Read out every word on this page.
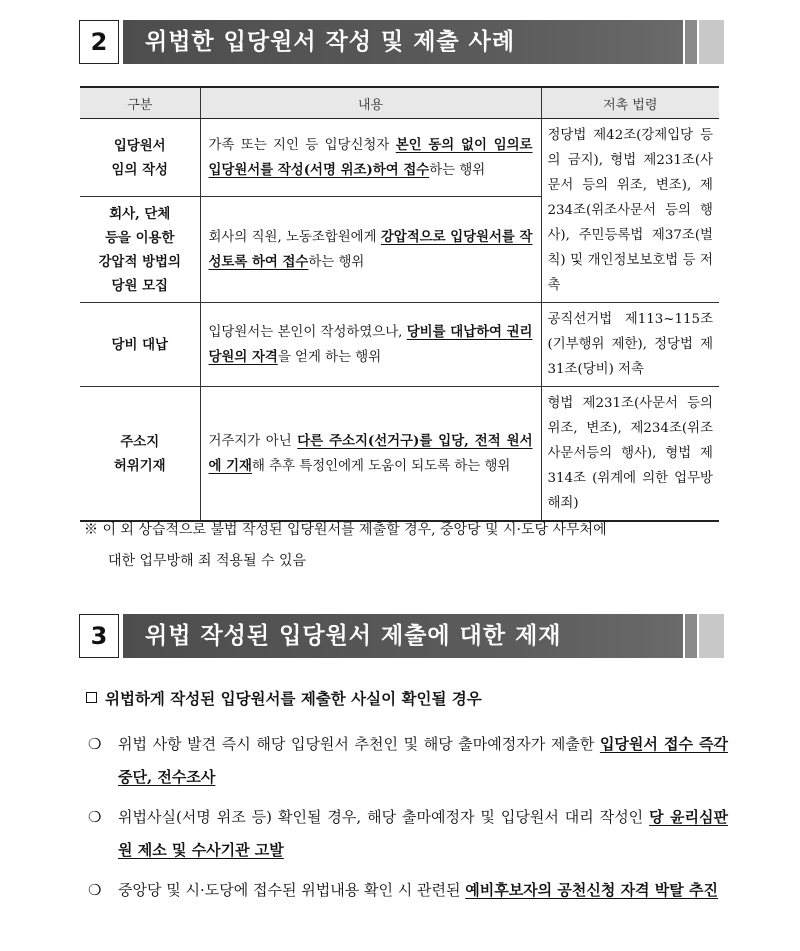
2	위법한 입당원서 작성 및 제출 사례
구분	내용	저촉 법령
입당원서
임의 작성	가족 또는 지인 등 입당신청자 본인 동의 없이 임의로 입당원서를 작성(서명 위조)하여 접수하는 행위	정당법 제42조(강제입당 등의 금지), 형법 제231조(사문서 등의 위조, 변조), 제234조(위조사문서 등의 행사), 주민등록법 제37조(벌칙) 및 개인정보보호법 등 저촉
회사, 단체
등을 이용한
강압적 방법의
당원 모집	회사의 직원, 노동조합원에게 강압적으로 입당원서를 작성토록 하여 접수하는 행위	
당비 대납	입당원서는 본인이 작성하였으나, 당비를 대납하여 권리당원의 자격을 얻게 하는 행위	공직선거법 제113~115조(기부행위 제한), 정당법 제31조(당비) 저촉
주소지
허위기재	거주지가 아닌 다른 주소지(선거구)를 입당, 전적 원서에 기재해 추후 특정인에게 도움이 되도록 하는 행위	형법 제231조(사문서 등의 위조, 변조), 제234조(위조사문서등의 행사), 형법 제314조 (위계에 의한 업무방해죄)
※ 이 외 상습적으로 불법 작성된 입당원서를 제출할 경우, 중앙당 및 시·도당 사무처에
대한 업무방해 죄 적용될 수 있음
3	위법 작성된 입당원서 제출에 대한 제재
위법하게 작성된 입당원서를 제출한 사실이 확인될 경우
❍	위법 사항 발견 즉시 해당 입당원서 추천인 및 해당 출마예정자가 제출한 입당원서 접수 즉각 중단, 전수조사
❍	위법사실(서명 위조 등) 확인될 경우, 해당 출마예정자 및 입당원서 대리 작성인 당 윤리심판원 제소 및 수사기관 고발
❍	중앙당 및 시·도당에 접수된 위법내용 확인 시 관련된 예비후보자의 공천신청 자격 박탈 추진
